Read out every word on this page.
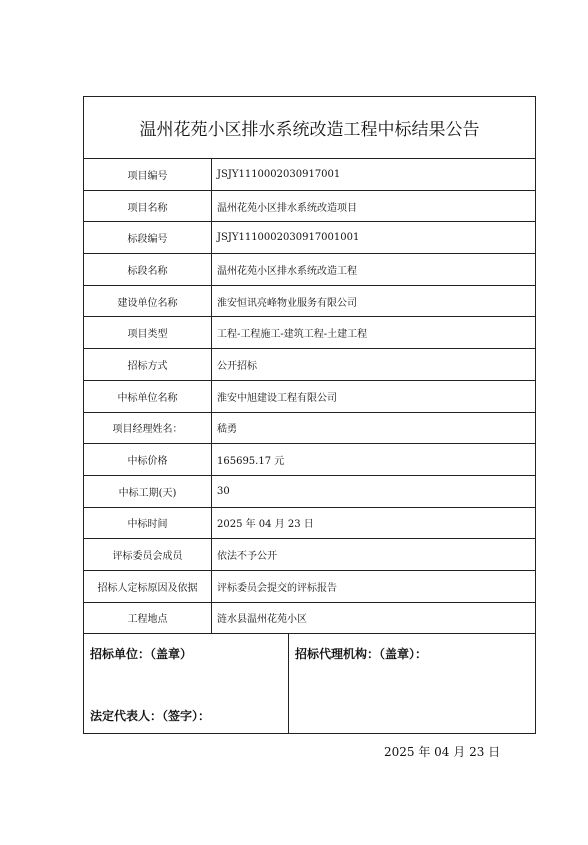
温州花苑小区排水系统改造工程中标结果公告
项目编号	JSJY1110002030917001
项目名称	温州花苑小区排水系统改造项目
标段编号	JSJY1110002030917001001
标段名称	温州花苑小区排水系统改造工程
建设单位名称	淮安恒讯亮峰物业服务有限公司
项目类型	工程-工程施工-建筑工程-土建工程
招标方式	公开招标
中标单位名称	淮安中旭建设工程有限公司
项目经理姓名：	嵇勇
中标价格	165695.17 元
中标工期(天)	30
中标时间	2025 年 04 月 23 日
评标委员会成员	依法不予公开
招标人定标原因及依据	评标委员会提交的评标报告
工程地点	涟水县温州花苑小区
招标单位：（盖章）
法定代表人：（签字）：
招标代理机构：（盖章）：
2025 年 04 月 23 日
